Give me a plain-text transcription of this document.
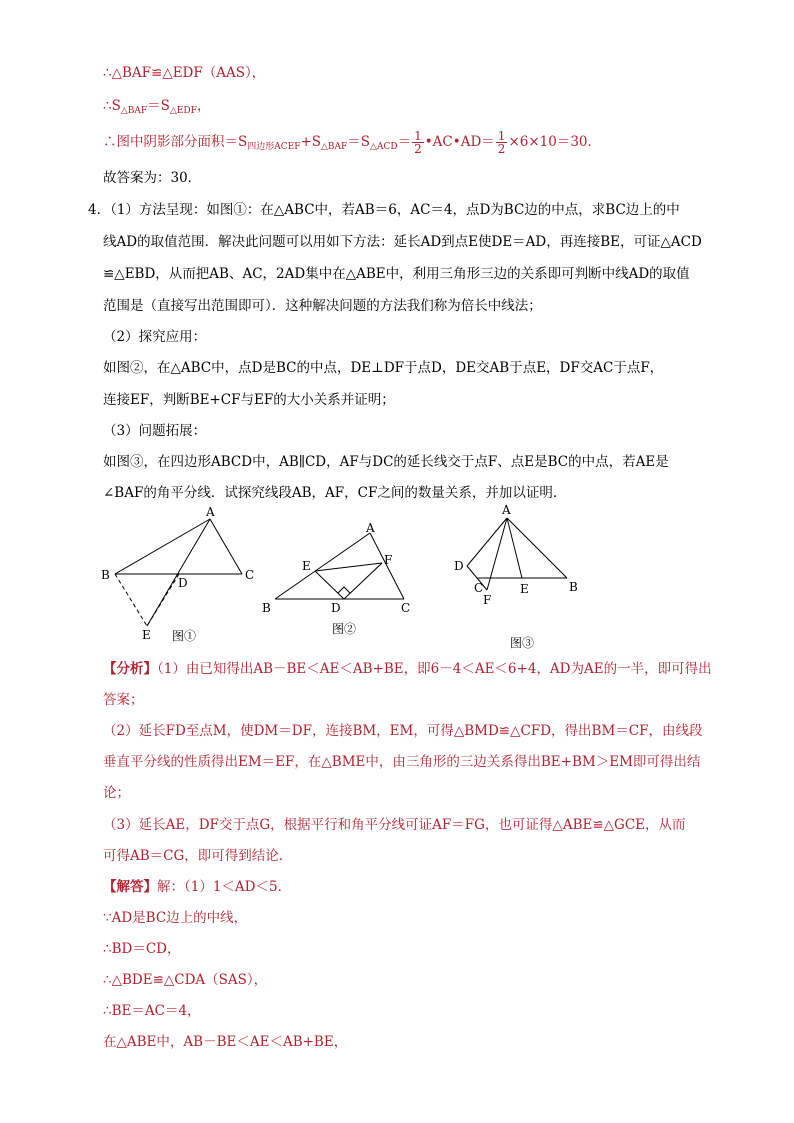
∴△BAF≌△EDF（AAS），
$\therefore S_{\triangle BAF}=S_{\triangle EDF}$，
∴图中阴影部分面积$=S_{四边形ACEF}+S_{\triangle BAF}=S_{\triangle ACD}= \frac{1}{2}$ •AC•AD＝ $\frac{1}{2} \times 6\times 10=30$．
故答案为：30．
4．（1）方法呈现：如图①：在△ABC中，若AB＝6，AC＝4，点D为BC边的中点，求BC边上的中
线AD的取值范围．解决此问题可以用如下方法：延长AD到点E使DE＝AD，再连接BE，可证△ACD
≌△EBD，从而把AB、AC，2AD集中在△ABE中，利用三角形三边的关系即可判断中线AD的取值
范围是（直接写出范围即可）．这种解决问题的方法我们称为倍长中线法；
（2）探究应用：
如图②，在△ABC中，点D是BC的中点，DE⊥DF于点D，DE交AB于点E，DF交AC于点F，
连接EF，判断BE+CF与EF的大小关系并证明；
（3）问题拓展：
如图③，在四边形ABCD中，AB∥CD，AF与DC的延长线交于点F、点E是BC的中点，若AE是
∠BAF的角平分线．试探究线段AB，AF，CF之间的数量关系，并加以证明．
A
B	C
D
E 图①
A
B	C
D
E	F
图②
A
B
C
D
E
F
图③
【分析】（1）由已知得出AB－BE＜AE＜AB+BE，即6－4＜AE＜6+4，AD为AE的一半，即可得出
答案；
（2）延长FD至点M，使DM＝DF，连接BM，EM，可得△BMD≌△CFD，得出BM＝CF，由线段
垂直平分线的性质得出EM＝EF，在△BME中，由三角形的三边关系得出BE+BM＞EM即可得出结
论；
（3）延长AE，DF交于点G，根据平行和角平分线可证AF＝FG，也可证得△ABE≌△GCE，从而
可得AB＝CG，即可得到结论．
【解答】解：（1）1＜AD＜5．
∵AD是BC边上的中线，
∴BD＝CD，
∴△BDE≌△CDA（SAS），
∴BE＝AC＝4，
在△ABE中，AB－BE＜AE＜AB+BE，
